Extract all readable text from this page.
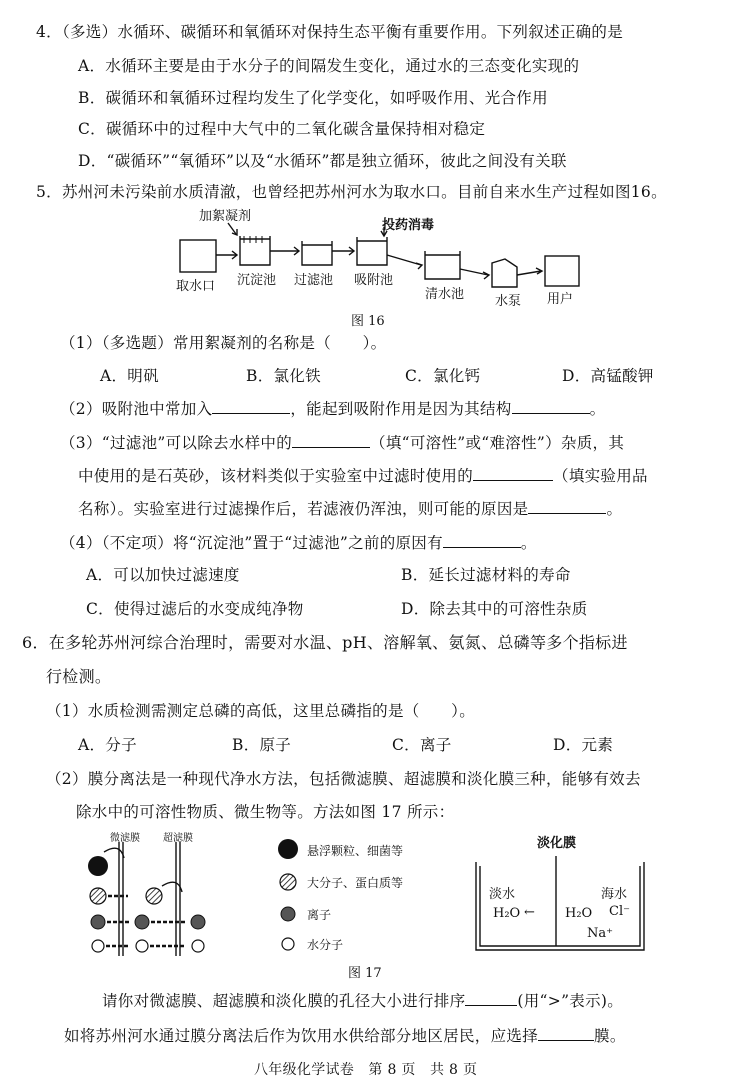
4．（多选）水循环、碳循环和氧循环对保持生态平衡有重要作用。下列叙述正确的是
A．水循环主要是由于水分子的间隔发生变化，通过水的三态变化实现的
B．碳循环和氧循环过程均发生了化学变化，如呼吸作用、光合作用
C．碳循环中的过程中大气中的二氧化碳含量保持相对稳定
D．“碳循环”“氧循环”以及“水循环”都是独立循环，彼此之间没有关联
5．苏州河未污染前水质清澈，也曾经把苏州河水为取水口。目前自来水生产过程如图16。
加絮凝剂
投药消毒
取水口 沉淀池 过滤池 吸附池
清水池 水泵 用户
图 16
（1）（多选题）常用絮凝剂的名称是（　　）。
A．明矾	B．氯化铁	C．氯化钙	D．高锰酸钾
（2）吸附池中常加入	，能起到吸附作用是因为其结构	。
（3）“过滤池”可以除去水样中的	（填“可溶性”或“难溶性”）杂质，其
中使用的是石英砂，该材料类似于实验室中过滤时使用的	（填实验用品
名称）。实验室进行过滤操作后，若滤液仍浑浊，则可能的原因是	。
（4）（不定项）将“沉淀池”置于“过滤池”之前的原因有	。
A．可以加快过滤速度	B．延长过滤材料的寿命
C．使得过滤后的水变成纯净物	D．除去其中的可溶性杂质
6．在多轮苏州河综合治理时，需要对水温、pH、溶解氧、氨氮、总磷等多个指标进
行检测。
（1）水质检测需测定总磷的高低，这里总磷指的是（　　）。
A．分子	B．原子	C．离子	D．元素
（2）膜分离法是一种现代净水方法，包括微滤膜、超滤膜和淡化膜三种，能够有效去
除水中的可溶性物质、微生物等。方法如图 17 所示：
微滤膜 超滤膜
悬浮颗粒、细菌等
大分子、蛋白质等
离子
水分子
淡化膜
淡水	海水
H₂O ← H₂O Cl⁻
Na⁺
图 17
请你对微滤膜、超滤膜和淡化膜的孔径大小进行排序	(用“>”表示)。
如将苏州河水通过膜分离法后作为饮用水供给部分地区居民，应选择	膜。
八年级化学试卷　第 8 页　共 8 页
